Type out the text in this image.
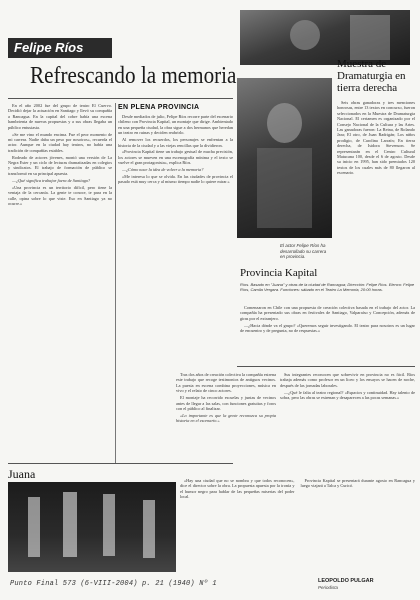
Felipe Ríos
Refrescando la memoria	Muestra de Dramaturgia en tierra derecha

Seis obras ganadoras y tres menciones honrosas, entre 13 textos en concurso, fueron seleccionados en la Muestra de Dramaturgia Nacional. El certamen es organizado por el Consejo Nacional de la Cultura y las Artes. Las ganadoras fueron: La Reina, de Rolando Jara; El otro, de Juan Radrigán; Los niños prodigio, de Carolina Larraín; En tierra derecha, de Isidora Stevenson. Se representarán en el Centro Cultural Matucana 100, desde el 6 de agosto. Desde su inicio en 1995, han sido premiados 120 textos de los cuales más de 80 llegaron al escenario.

El actor Felipe Ríos ha desarrollado su carrera en provincia.
EN PLENA PROVINCIA

En el año 2002 fue del grupo de teatro El Cuervo. Decidió dejar la actuación en Santiago y llevó su compañía a Rancagua. En la capital del cobre había una escena hambrienta de nuevas propuestas y a sus obras llegaba un público entusiasta.

«Se me vino el mundo encima. Fue el peor momento de mi carrera. Nadie daba un peso por nosotros», recuerda el actor. Aunque en la ciudad hay teatros, no había una tradición de compañías estables.

Rodeado de actores jóvenes, montó una versión de La Negra Ester y un ciclo de lecturas dramatizadas en colegios y sindicatos. El trabajo de formación de público se transformó en su principal apuesta.

—¿Qué significa trabajar fuera de Santiago?

«Una provincia es un territorio difícil, pero tiene la ventaja de la cercanía. La gente te conoce, te para en la calle, opina sobre lo que viste. Eso en Santiago ya no ocurre.»

Desde mediados de julio, Felipe Ríos recorre parte del escenario chileno con Provincia Kapital, un montaje que dirige. Ambientado en una pequeña ciudad, la obra sigue a dos hermanos que heredan un teatro en ruinas y deciden reabrirlo.

Al remover los recuerdos, los personajes se enfrentan a la historia de la ciudad y a las viejas rencillas que la dividieron.

«Provincia Kapital tiene un trabajo gestual de mucha precisión, los actores se mueven en una escenografía mínima y el texto se vuelve el gran protagonista», explica Ríos.

—¿Cómo nace la idea de volver a la memoria?

«Me interesa lo que se olvida. En las ciudades de provincia el pasado está muy cerca y al mismo tiempo nadie lo quiere mirar.»

Provincia Kapital
Ríos. Basado en "Juana" y otras de la ciudad de Rancagua; Dirección: Felipe Ríos. Elenco: Felipe Ríos, Camila Vergara. Funciones: sábado en el Teatro La Memoria, 20:00 horas.

Comenzaron en Chile con una propuesta de creación colectiva basada en el trabajo del actor. La compañía ha presentado sus obras en festivales de Santiago, Valparaíso y Concepción, además de giras por el extranjero.

—¿Hacia dónde va el grupo? «Queremos seguir investigando. El teatro para nosotros es un lugar de encuentro y de pregunta, no de respuestas.»

Tras dos años de creación colectiva la compañía estrena este trabajo que recoge testimonios de antiguos vecinos. La puesta en escena combina proyecciones, música en vivo y el relato de cinco actores.

El montaje ha recorrido escuelas y juntas de vecinos antes de llegar a las salas, con funciones gratuitas y foros con el público al finalizar.

«Lo importante es que la gente reconozca su propia historia en el escenario.»

Sus integrantes reconocen que sobrevivir en provincia no es fácil. Ríos trabaja además como profesor en un liceo y los ensayos se hacen de noche, después de las jornadas laborales.

—¿Qué le falta al teatro regional? «Espacios y continuidad. Hay talento de sobra, pero las obras se estrenan y desaparecen a las pocas semanas.»

Juana	«Hay una ciudad que no se nombra y que todos reconocen», dice el director sobre la obra. La propuesta apuesta por la ironía y el humor negro para hablar de las pequeñas miserias del poder local.

Provincia Kapital se presentará durante agosto en Rancagua y luego viajará a Talca y Curicó.

LEOPOLDO PULGAR
Periodista
Punto Final 573 (6-VIII-2004) p. 21 (1940) Nº 1
